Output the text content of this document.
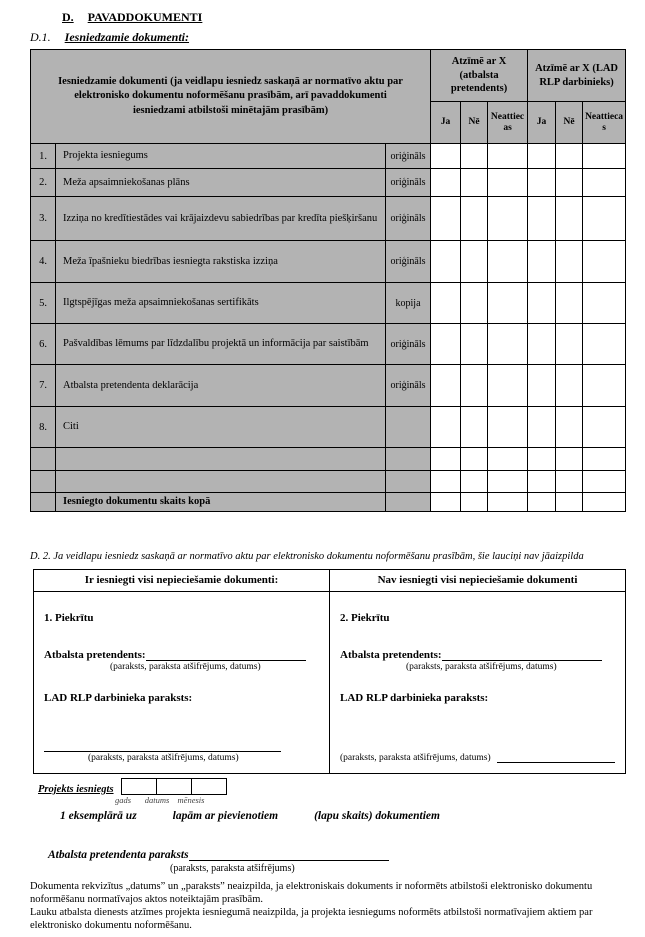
D. PAVADDOKUMENTI
D.1. Iesniedzamie dokumenti:
Iesniedzamie dokumenti (ja veidlapu iesniedz saskaņā ar normatīvo aktu par elektronisko dokumentu noformēšanu prasībām, arī pavaddokumenti iesniedzami atbilstoši minētajām prasībām)			Atzīmē ar X (atbalsta pretendents)			Atzīmē ar X (LAD RLP darbinieks)		
			Ja	Nē	Neattiecas	Ja	Nē	Neattiecas
1.	Projekta iesniegums	oriģināls						
2.	Meža apsaimniekošanas plāns	oriģināls						
3.	Izziņa no kredītiestādes vai krājaizdevu sabiedrības par kredīta piešķiršanu	oriģināls						
4.	Meža īpašnieku biedrības iesniegta rakstiska izziņa	oriģināls						
5.	Ilgtspējīgas meža apsaimniekošanas sertifikāts	kopija						
6.	Pašvaldības lēmums par līdzdalību projektā un informācija par saistībām	oriģināls						
7.	Atbalsta pretendenta deklarācija	oriģināls						
8.	Citi							

	Iesniegto dokumentu skaits kopā							
D. 2. Ja veidlapu iesniedz saskaņā ar normatīvo aktu par elektronisko dokumentu noformēšanu prasībām, šie lauciņi nav jāaizpilda
Ir iesniegti visi nepieciešamie dokumenti:	Nav iesniegti visi nepieciešamie dokumenti

1. Piekrītu
Atbalsta pretendents:
(paraksts, paraksta atšifrējums, datums)
LAD RLP darbinieka paraksts:
(paraksts, paraksta atšifrējums, datums)

2. Piekrītu
Atbalsta pretendents:
(paraksts, paraksta atšifrējums, datums)
LAD RLP darbinieka paraksts:
(paraksts, paraksta atšifrējums, datums)
Projekts iesniegts
gads	datums mēnesis
1 eksemplārā uz	lapām ar pievienotiem	(lapu skaits) dokumentiem
Atbalsta pretendenta paraksts
(paraksts, paraksta atšifrējums)

Dokumenta rekvizītus „datums” un „paraksts” neaizpilda, ja elektroniskais dokuments ir noformēts atbilstoši elektronisko dokumentu noformēšanu normatīvajos aktos noteiktajām prasībām.

Lauku atbalsta dienests atzīmes projekta iesniegumā neaizpilda, ja projekta iesniegums noformēts atbilstoši normatīvajiem aktiem par elektronisko dokumentu noformēšanu.
